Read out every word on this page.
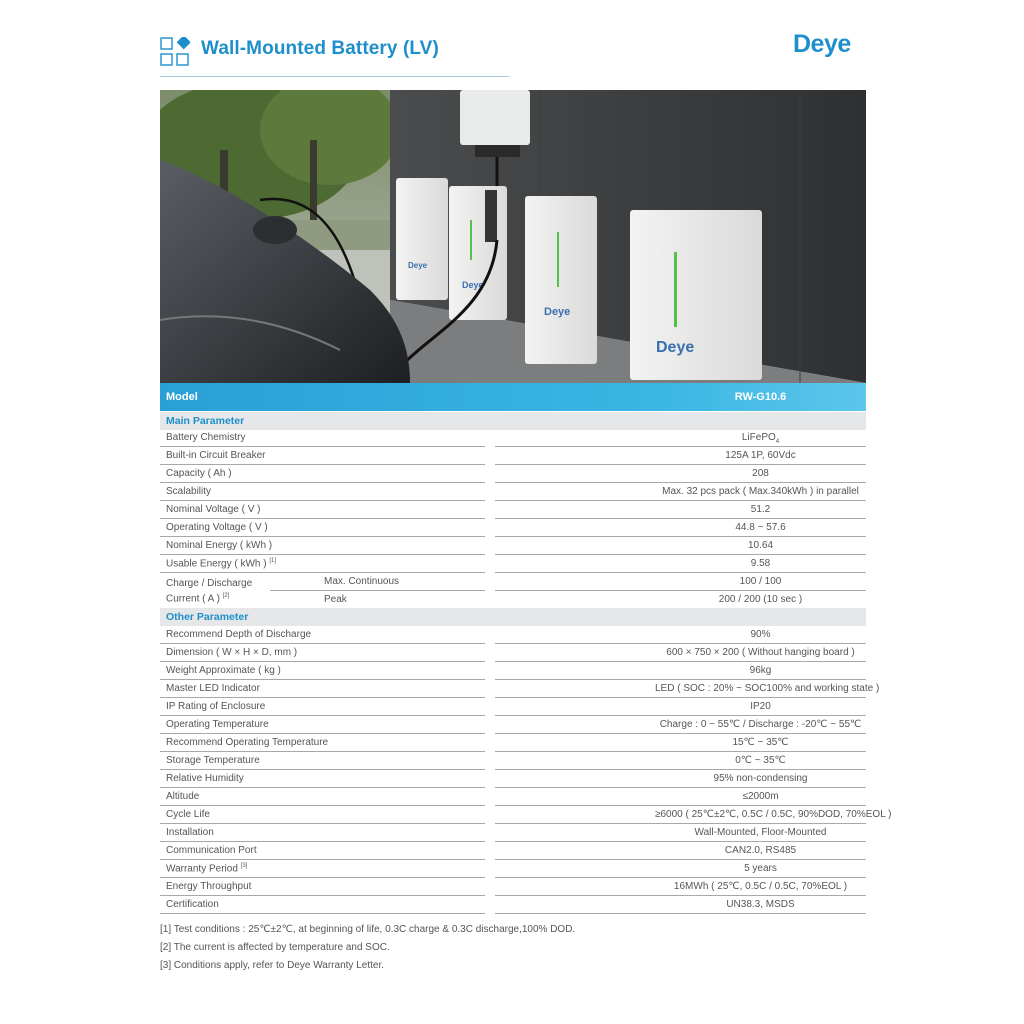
Wall-Mounted Battery (LV)	Deye
Deye
Deye
Deye
Deye
Model	RW-G10.6
Main Parameter
Battery Chemistry	LiFePO$_4$
Built-in Circuit Breaker	125A 1P, 60Vdc
Capacity ( Ah )	208
Scalability	Max. 32 pcs pack ( Max.340kWh ) in parallel
Nominal Voltage ( V )	51.2
Operating Voltage ( V )	44.8 ~ 57.6
Nominal Energy ( kWh )	10.64
Usable Energy ( kWh ) [1]	9.58
Charge / Discharge
Current ( A ) [2]
Max. Continuous	100 / 100
Peak	200 / 200 (10 sec )
Other Parameter
Recommend Depth of Discharge	90%
Dimension ( W × H × D, mm )	600 × 750 × 200 ( Without hanging board )
Weight Approximate ( kg )	96kg
Master LED Indicator	LED ( SOC : 20% ~ SOC100% and working state )
IP Rating of Enclosure	IP20
Operating Temperature	Charge : 0 ~ 55℃ / Discharge : -20℃ ~ 55℃
Recommend Operating Temperature	15℃ ~ 35℃
Storage Temperature	0℃ ~ 35℃
Relative Humidity	95% non-condensing
Altitude	≤2000m
Cycle Life	≥6000 ( 25℃±2℃, 0.5C / 0.5C, 90%DOD, 70%EOL )
Installation	Wall-Mounted, Floor-Mounted
Communication Port	CAN2.0, RS485
Warranty Period [3]	5 years
Energy Throughput	16MWh ( 25℃, 0.5C / 0.5C, 70%EOL )
Certification	UN38.3, MSDS
[1] Test conditions : 25℃±2℃, at beginning of life, 0.3C charge & 0.3C discharge,100% DOD.
[2] The current is affected by temperature and SOC.
[3] Conditions apply, refer to Deye Warranty Letter.
